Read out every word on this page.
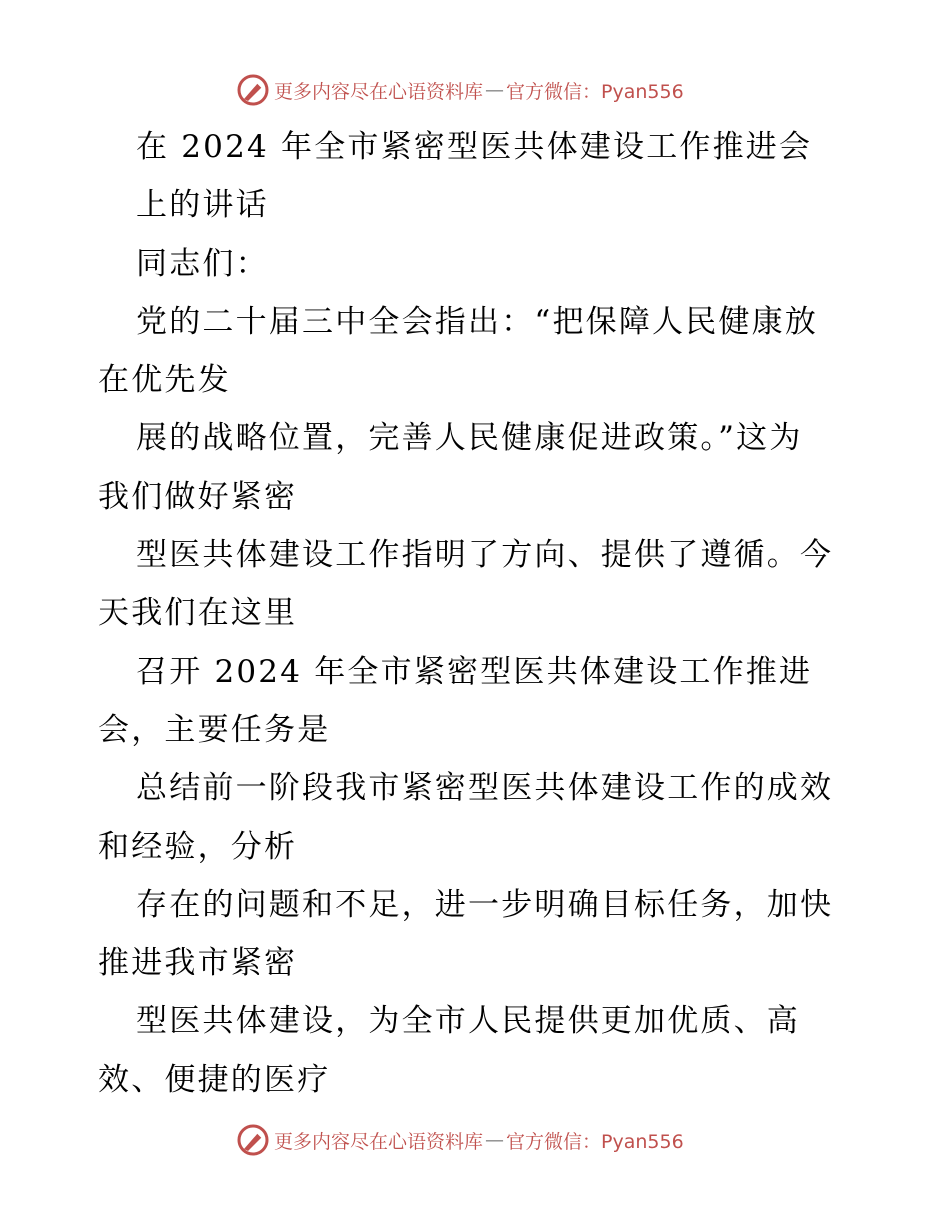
更多内容尽在心语资料库 — 官方微信：Pyan556
在 2024 年全市紧密型医共体建设工作推进会
上的讲话
同志们：
党的二十届三中全会指出：“把保障人民健康放
在优先发
展的战略位置，完善人民健康促进政策。”这为
我们做好紧密
型医共体建设工作指明了方向、提供了遵循。今
天我们在这里
召开 2024 年全市紧密型医共体建设工作推进
会，主要任务是
总结前一阶段我市紧密型医共体建设工作的成效
和经验，分析
存在的问题和不足，进一步明确目标任务，加快
推进我市紧密
型医共体建设，为全市人民提供更加优质、高
效、便捷的医疗
更多内容尽在心语资料库 — 官方微信：Pyan556
